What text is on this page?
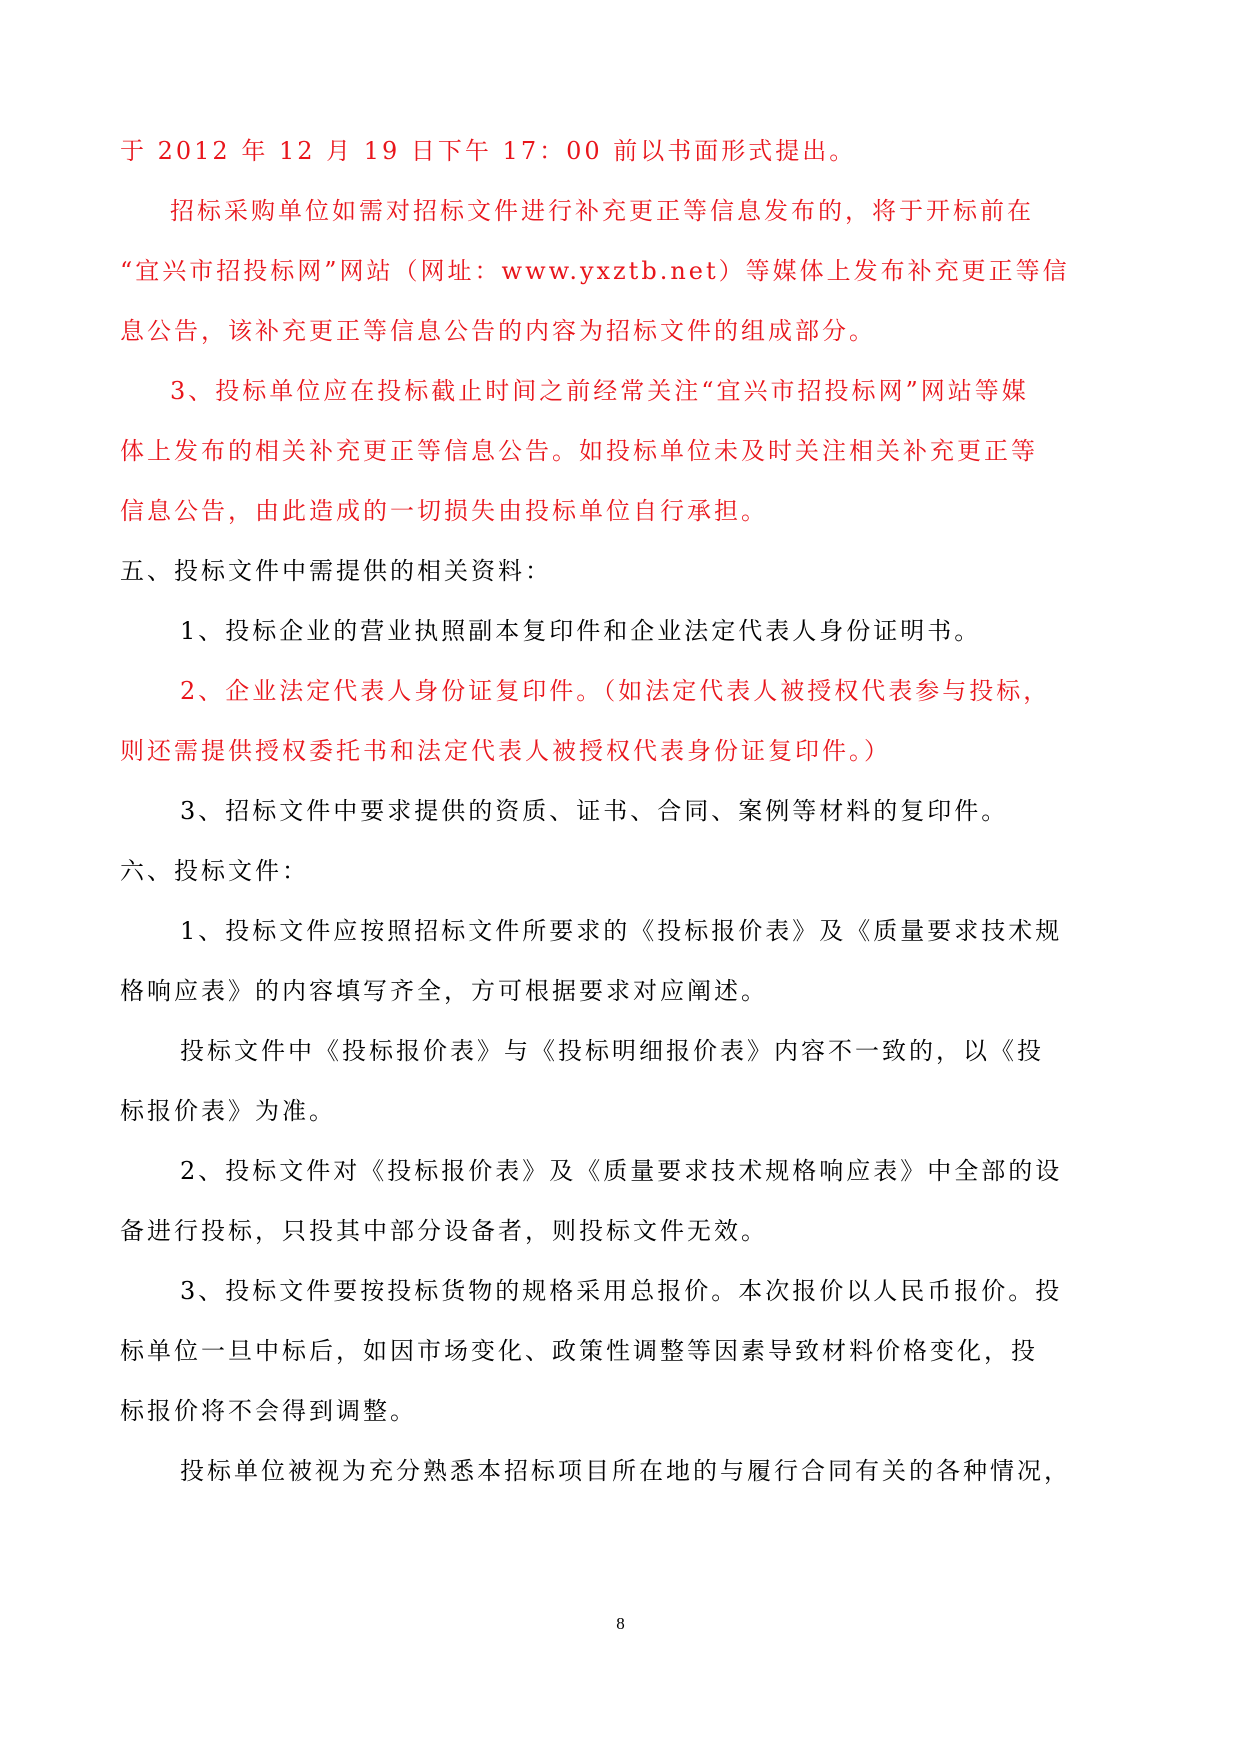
于 2012 年 12 月 19 日下午 17：00 前以书面形式提出。
招标采购单位如需对招标文件进行补充更正等信息发布的，将于开标前在
“宜兴市招投标网”网站（网址：www.yxztb.net）等媒体上发布补充更正等信
息公告，该补充更正等信息公告的内容为招标文件的组成部分。
3、投标单位应在投标截止时间之前经常关注“宜兴市招投标网”网站等媒
体上发布的相关补充更正等信息公告。如投标单位未及时关注相关补充更正等
信息公告，由此造成的一切损失由投标单位自行承担。
五、投标文件中需提供的相关资料：
1、投标企业的营业执照副本复印件和企业法定代表人身份证明书。
2、企业法定代表人身份证复印件。（如法定代表人被授权代表参与投标，
则还需提供授权委托书和法定代表人被授权代表身份证复印件。）
3、招标文件中要求提供的资质、证书、合同、案例等材料的复印件。
六、投标文件：
1、投标文件应按照招标文件所要求的《投标报价表》及《质量要求技术规
格响应表》的内容填写齐全，方可根据要求对应阐述。
投标文件中《投标报价表》与《投标明细报价表》内容不一致的，以《投
标报价表》为准。
2、投标文件对《投标报价表》及《质量要求技术规格响应表》中全部的设
备进行投标，只投其中部分设备者，则投标文件无效。
3、投标文件要按投标货物的规格采用总报价。本次报价以人民币报价。投
标单位一旦中标后，如因市场变化、政策性调整等因素导致材料价格变化，投
标报价将不会得到调整。
投标单位被视为充分熟悉本招标项目所在地的与履行合同有关的各种情况，
8
